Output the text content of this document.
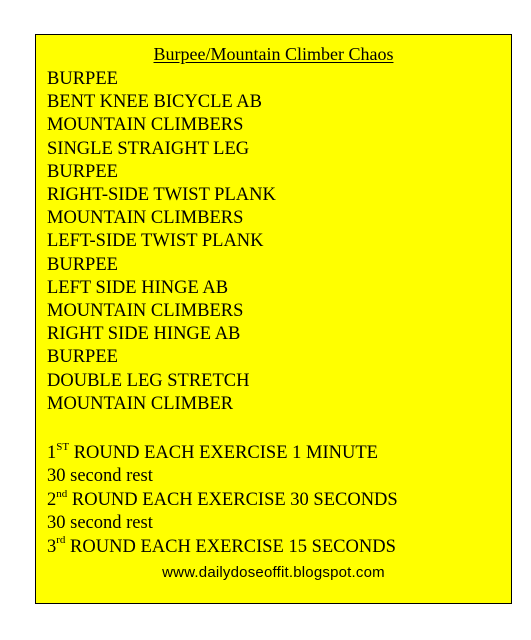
Burpee/Mountain Climber Chaos
BURPEE
BENT KNEE BICYCLE AB
MOUNTAIN CLIMBERS
SINGLE STRAIGHT LEG
BURPEE
RIGHT-SIDE TWIST PLANK
MOUNTAIN CLIMBERS
LEFT-SIDE TWIST PLANK
BURPEE
LEFT SIDE HINGE AB
MOUNTAIN CLIMBERS
RIGHT SIDE HINGE AB
BURPEE
DOUBLE LEG STRETCH
MOUNTAIN CLIMBER
1ST ROUND EACH EXERCISE 1 MINUTE
30 second rest
2nd ROUND EACH EXERCISE 30 SECONDS
30 second rest
3rd ROUND EACH EXERCISE 15 SECONDS
www.dailydoseoffit.blogspot.com
